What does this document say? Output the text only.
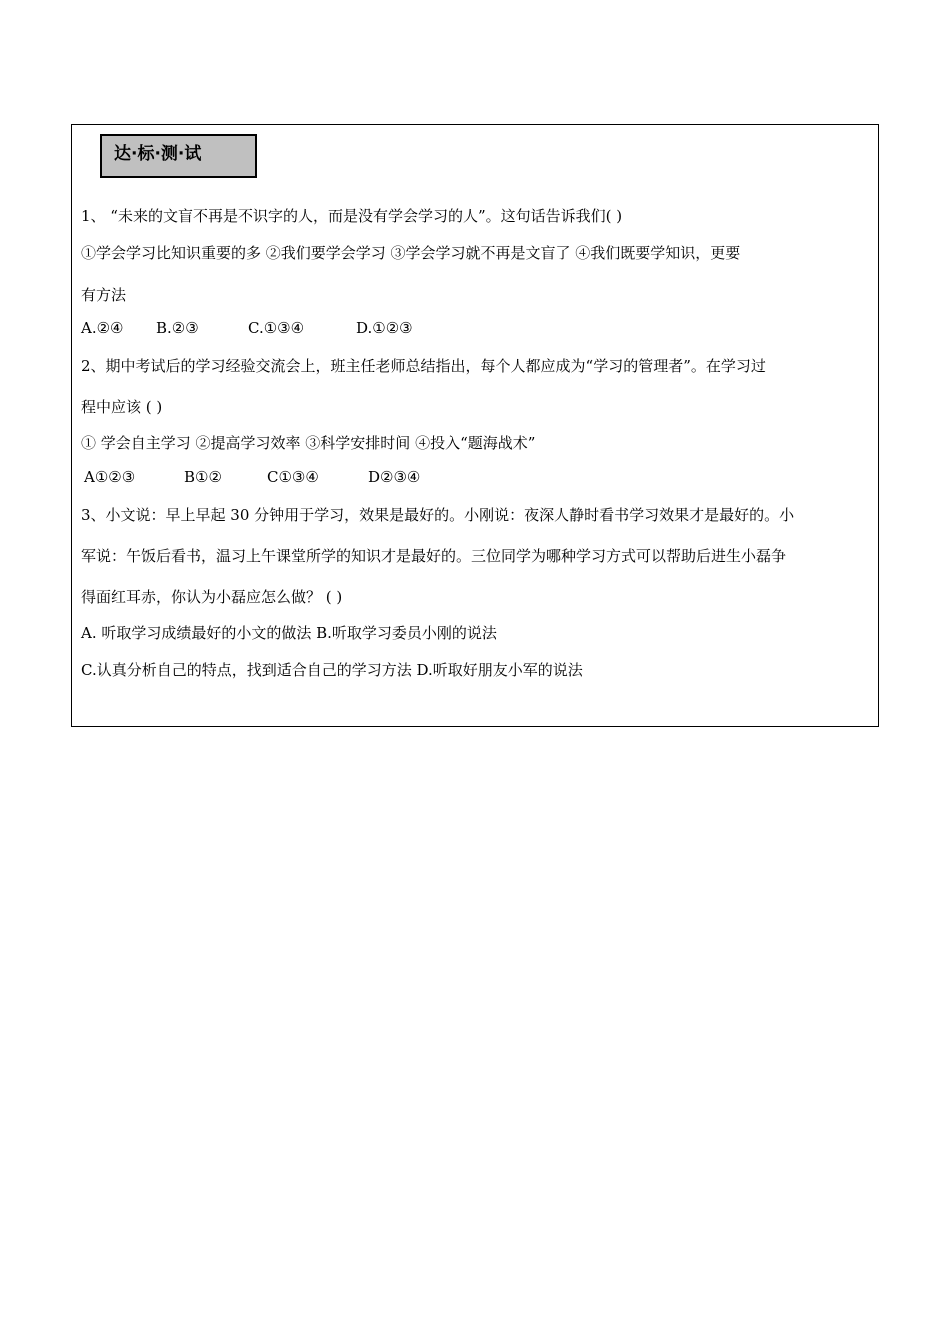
达·标·测·试
1、 “未来的文盲不再是不识字的人，而是没有学会学习的人”。这句话告诉我们( )
①学会学习比知识重要的多 ②我们要学会学习 ③学会学习就不再是文盲了 ④我们既要学知识，更要
有方法
A.②④ B.②③	C.①③④	D.①②③
2、期中考试后的学习经验交流会上，班主任老师总结指出，每个人都应成为“学习的管理者”。在学习过
程中应该 ( )
① 学会自主学习 ②提高学习效率 ③科学安排时间 ④投入“题海战术”
A①②③	B①②	C①③④	D②③④
3、小文说：早上早起 30 分钟用于学习，效果是最好的。小刚说：夜深人静时看书学习效果才是最好的。小
军说：午饭后看书，温习上午课堂所学的知识才是最好的。三位同学为哪种学习方式可以帮助后进生小磊争
得面红耳赤，你认为小磊应怎么做？ ( )
A. 听取学习成绩最好的小文的做法 B.听取学习委员小刚的说法
C.认真分析自己的特点，找到适合自己的学习方法 D.听取好朋友小军的说法
